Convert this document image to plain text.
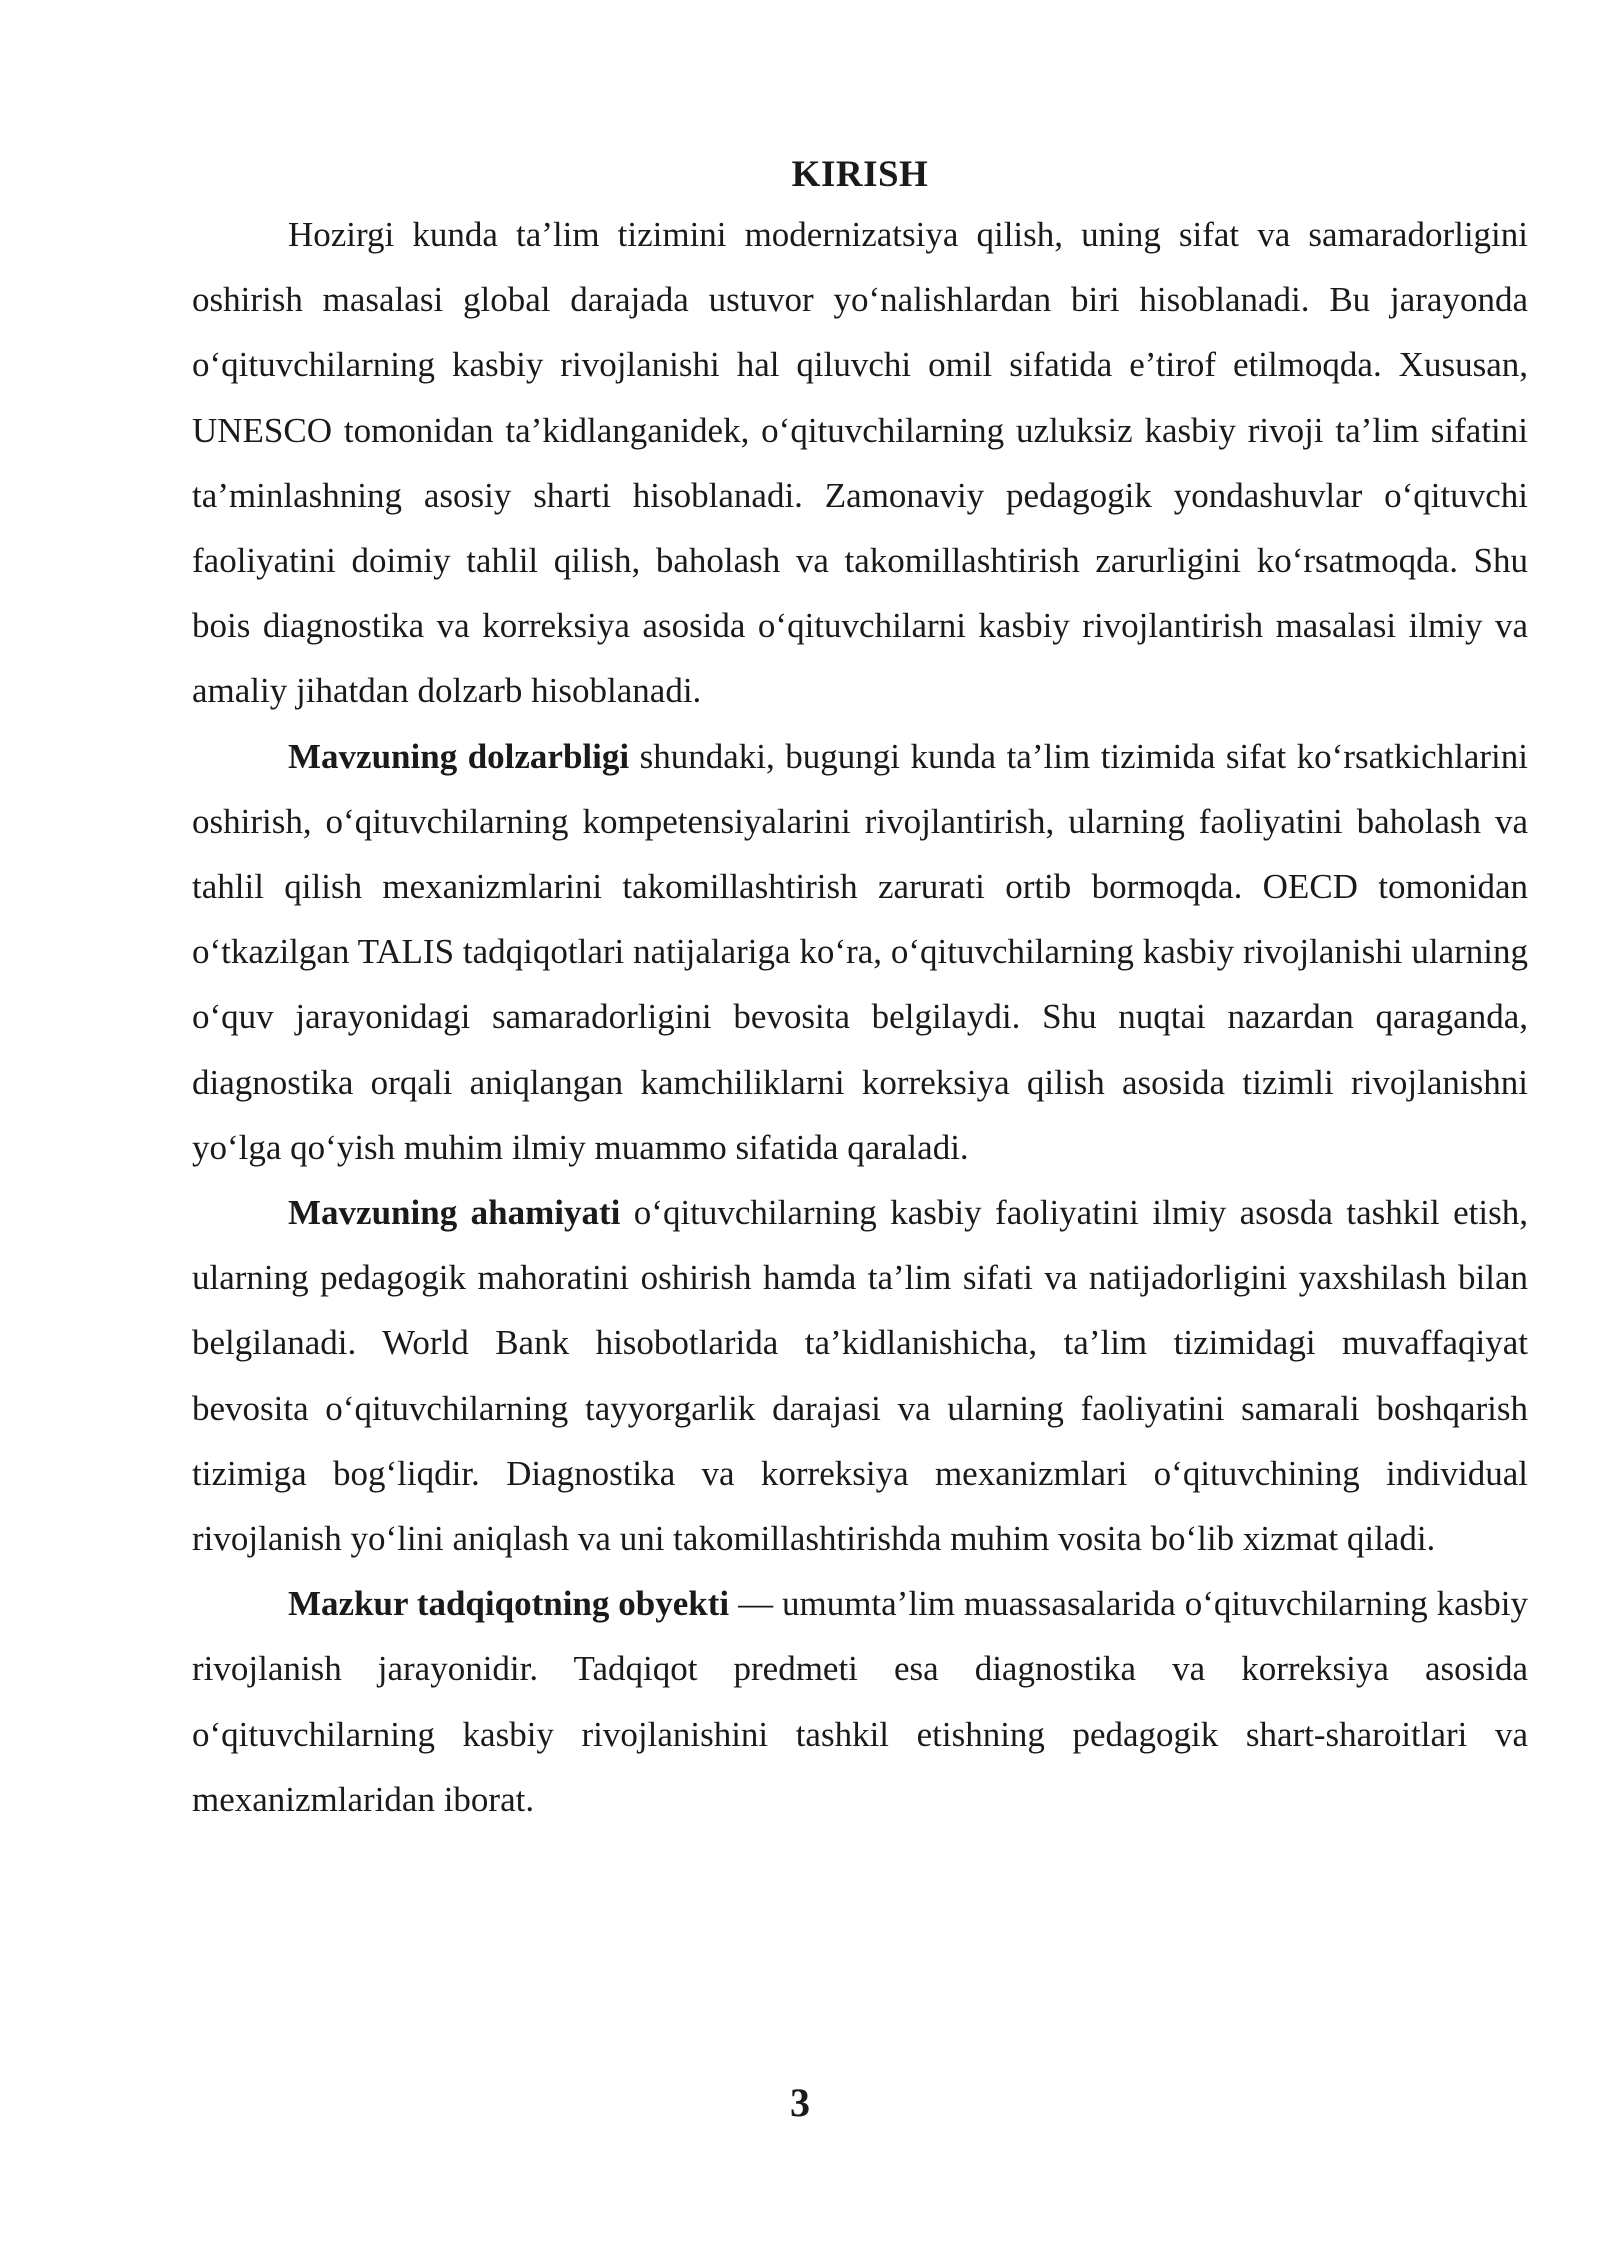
KIRISH

Hozirgi kunda ta’lim tizimini modernizatsiya qilish, uning sifat va samaradorligini oshirish masalasi global darajada ustuvor yo‘nalishlardan biri hisoblanadi. Bu jarayonda o‘qituvchilarning kasbiy rivojlanishi hal qiluvchi omil sifatida e’tirof etilmoqda. Xususan, UNESCO tomonidan ta’kidlanganidek, o‘qituvchilarning uzluksiz kasbiy rivoji ta’lim sifatini ta’minlashning asosiy sharti hisoblanadi. Zamonaviy pedagogik yondashuvlar o‘qituvchi faoliyatini doimiy tahlil qilish, baholash va takomillashtirish zarurligini ko‘rsatmoqda. Shu bois diagnostika va korreksiya asosida o‘qituvchilarni kasbiy rivojlantirish masalasi ilmiy va amaliy jihatdan dolzarb hisoblanadi.

Mavzuning dolzarbligi shundaki, bugungi kunda ta’lim tizimida sifat ko‘rsatkichlarini oshirish, o‘qituvchilarning kompetensiyalarini rivojlantirish, ularning faoliyatini baholash va tahlil qilish mexanizmlarini takomillashtirish zarurati ortib bormoqda. OECD tomonidan o‘tkazilgan TALIS tadqiqotlari natijalariga ko‘ra, o‘qituvchilarning kasbiy rivojlanishi ularning o‘quv jarayonidagi samaradorligini bevosita belgilaydi. Shu nuqtai nazardan qaraganda, diagnostika orqali aniqlangan kamchiliklarni korreksiya qilish asosida tizimli rivojlanishni yo‘lga qo‘yish muhim ilmiy muammo sifatida qaraladi.

Mavzuning ahamiyati o‘qituvchilarning kasbiy faoliyatini ilmiy asosda tashkil etish, ularning pedagogik mahoratini oshirish hamda ta’lim sifati va natijadorligini yaxshilash bilan belgilanadi. World Bank hisobotlarida ta’kidlanishicha, ta’lim tizimidagi muvaffaqiyat bevosita o‘qituvchilarning tayyorgarlik darajasi va ularning faoliyatini samarali boshqarish tizimiga bog‘liqdir. Diagnostika va korreksiya mexanizmlari o‘qituvchining individual rivojlanish yo‘lini aniqlash va uni takomillashtirishda muhim vosita bo‘lib xizmat qiladi.

Mazkur tadqiqotning obyekti — umumta’lim muassasalarida o‘qituvchilarning kasbiy rivojlanish jarayonidir. Tadqiqot predmeti esa diagnostika va korreksiya asosida o‘qituvchilarning kasbiy rivojlanishini tashkil etishning pedagogik shart-sharoitlari va mexanizmlaridan iborat.

3
